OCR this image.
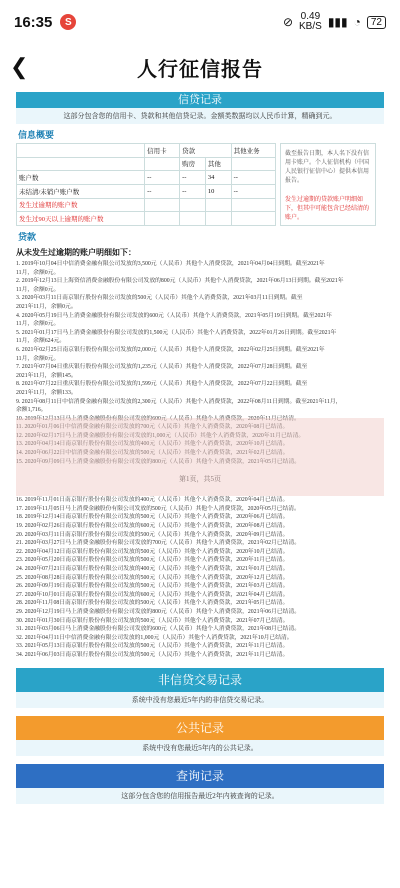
16:35	S	⊘ 0.49
KB/S ▮▮▮ ◔	72
❮	人行征信报告
信贷记录
这部分包含您的信用卡、贷款和其他信贷记录。金额类数据均以人民币计算，精确到元。
信息概要
	信用卡	贷款		其他业务
		购房	其他	
账户数	--	--	34	--
未结清/未销户账户数	--	--	10	--
发生过逾期的账户数				
发生过90天以上逾期的账户数				
截至报告日期，本人名下没有信用卡账户。个人征信机构（中国人民银行征信中心）提供本信用报告。
发生过逾期的贷款账户明细如下，但其中可能包含已经结清的账户。
贷款
从未发生过逾期的账户明细如下：
1. 2019年10月04日中信消费金融有限公司发放的3,500元（人民币）其他个人消费贷款，2021年04月04日到期。截至2021年
11月，余额0元。
2. 2019年12月13日上海资信消费金融股份有限公司发放的800元（人民币）其他个人消费贷款，2021年06月13日到期。截至2021年
11月，余额0元。
3. 2020年03月11日南京银行股份有限公司发放的500元（人民币）其他个人消费贷款，2021年03月11日到期。截至
2021年11月，余额0元。
4. 2020年05月19日马上消费金融股份有限公司发放的600元（人民币）其他个人消费贷款，2021年05月19日到期。截至2021年
11月，余额0元。
5. 2021年01月17日马上消费金融股份有限公司发放的1,500元（人民币）其他个人消费贷款，2022年01月26日到期。截至2021年
11月，余额624元。
6. 2021年02月25日南京银行股份有限公司发放的2,000元（人民币）其他个人消费贷款，2022年02月25日到期。截至2021年
11月，余额0元。
7. 2021年07月04日重庆银行股份有限公司发放的1,235元（人民币）其他个人消费贷款，2022年07月28日到期。截至
2021年11月，余额145。
8. 2021年07月22日重庆银行股份有限公司发放的1,599元（人民币）其他个人消费贷款，2022年07月22日到期。截至
2021年11月，余额133。
9. 2021年08月11日中信消费金融有限公司发放的2,300元（人民币）其他个人消费贷款，2022年08月11日到期。截至2021年11月，
余额1,716。
10. 2019年12月13日马上消费金融股份有限公司发放的600元（人民币）其他个人消费贷款，2020年11月已结清。
11. 2020年01月06日中信消费金融有限公司发放的700元（人民币）其他个人消费贷款，2020年08月已结清。
12. 2020年02月17日马上消费金融股份有限公司发放的1,000元（人民币）其他个人消费贷款，2020年11月已结清。
13. 2020年04月14日南京银行股份有限公司发放的400元（人民币）其他个人消费贷款，2020年10月已结清。
14. 2020年06月22日中信消费金融有限公司发放的500元（人民币）其他个人消费贷款，2021年02月已结清。
15. 2020年09月09日马上消费金融股份有限公司发放的800元（人民币）其他个人消费贷款，2021年05月已结清。
第1页，共5页
16. 2019年11月01日南京银行股份有限公司发放的400元（人民币）其他个人消费贷款，2020年04月已结清。
17. 2019年11月05日马上消费金融股份有限公司发放的500元（人民币）其他个人消费贷款，2020年05月已结清。
18. 2019年12月14日南京银行股份有限公司发放的500元（人民币）其他个人消费贷款，2020年06月已结清。
19. 2020年02月26日南京银行股份有限公司发放的600元（人民币）其他个人消费贷款，2020年08月已结清。
20. 2020年03月11日南京银行股份有限公司发放的500元（人民币）其他个人消费贷款，2020年09月已结清。
21. 2020年03月27日马上消费金融股份有限公司发放的700元（人民币）其他个人消费贷款，2021年02月已结清。
22. 2020年04月12日南京银行股份有限公司发放的500元（人民币）其他个人消费贷款，2020年10月已结清。
23. 2020年05月20日南京银行股份有限公司发放的500元（人民币）其他个人消费贷款，2020年11月已结清。
24. 2020年07月21日南京银行股份有限公司发放的400元（人民币）其他个人消费贷款，2021年01月已结清。
25. 2020年08月28日南京银行股份有限公司发放的500元（人民币）其他个人消费贷款，2020年12月已结清。
26. 2020年09月19日南京银行股份有限公司发放的500元（人民币）其他个人消费贷款，2021年03月已结清。
27. 2020年10月01日南京银行股份有限公司发放的600元（人民币）其他个人消费贷款，2021年04月已结清。
28. 2020年11月08日南京银行股份有限公司发放的500元（人民币）其他个人消费贷款，2021年05月已结清。
29. 2020年12月19日马上消费金融股份有限公司发放的800元（人民币）其他个人消费贷款，2021年06月已结清。
30. 2021年01月30日南京银行股份有限公司发放的500元（人民币）其他个人消费贷款，2021年07月已结清。
31. 2021年03月06日马上消费金融股份有限公司发放的600元（人民币）其他个人消费贷款，2021年08月已结清。
32. 2021年04月11日中信消费金融有限公司发放的1,000元（人民币）其他个人消费贷款，2021年10月已结清。
33. 2021年05月13日南京银行股份有限公司发放的500元（人民币）其他个人消费贷款，2021年11月已结清。
34. 2021年06月03日南京银行股份有限公司发放的500元（人民币）其他个人消费贷款，2021年11月已结清。
非信贷交易记录
系统中没有您最近5年内的非信贷交易记录。
公共记录
系统中没有您最近5年内的公共记录。
查询记录
这部分包含您的信用报告最近2年内被查询的记录。
